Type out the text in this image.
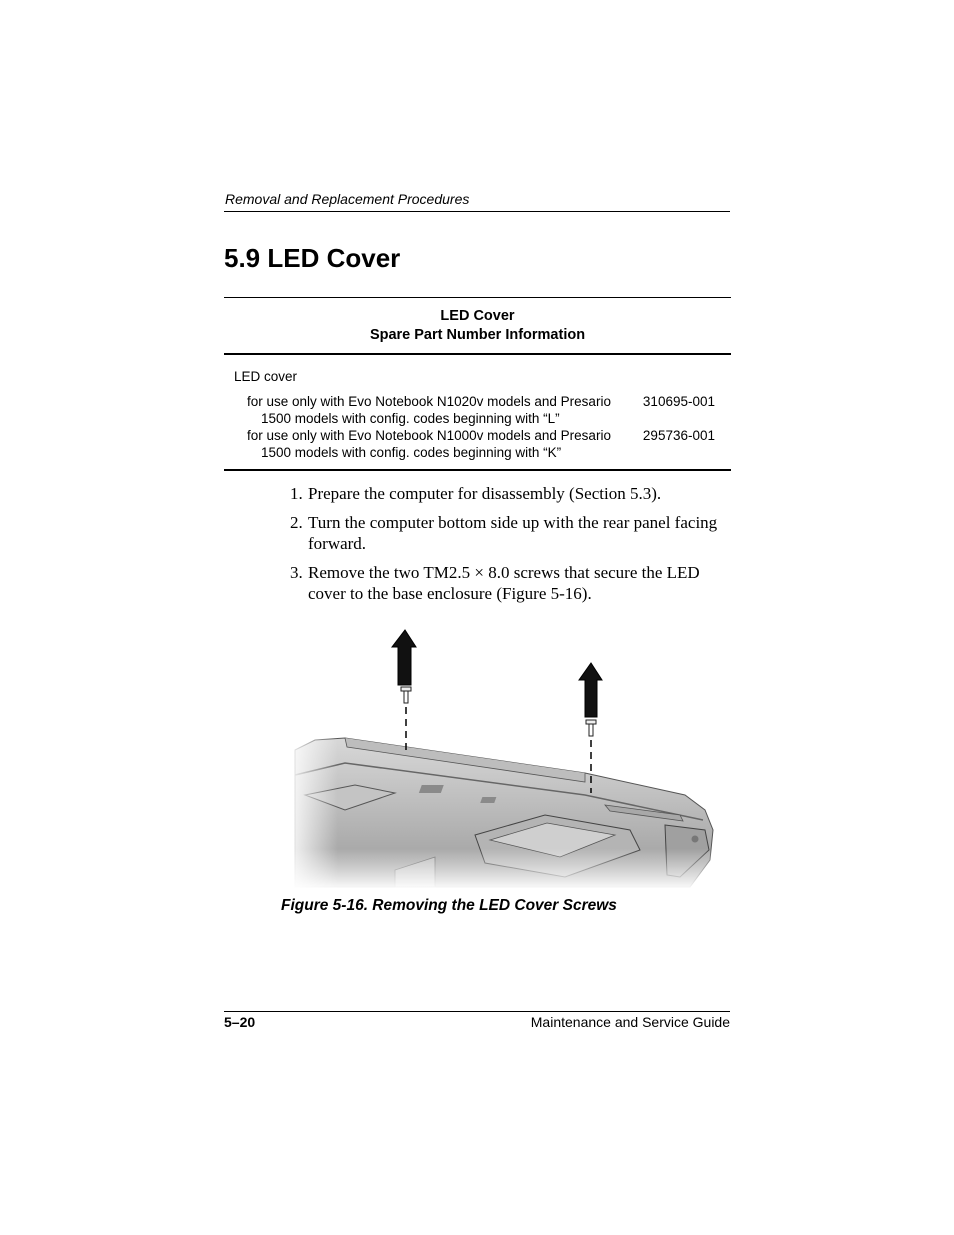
Removal and Replacement Procedures
5.9 LED Cover
LED Cover
Spare Part Number Information
LED cover
for use only with Evo Notebook N1020v models and Presario
1500 models with config. codes beginning with “L”
310695-001
for use only with Evo Notebook N1000v models and Presario
1500 models with config. codes beginning with “K”
295736-001
1. Prepare the computer for disassembly (Section 5.3).
2. Turn the computer bottom side up with the rear panel facing forward.
3. Remove the two TM2.5 × 8.0 screws that secure the LED cover to the base enclosure (Figure 5-16).
Figure 5-16. Removing the LED Cover Screws
5–20	Maintenance and Service Guide
